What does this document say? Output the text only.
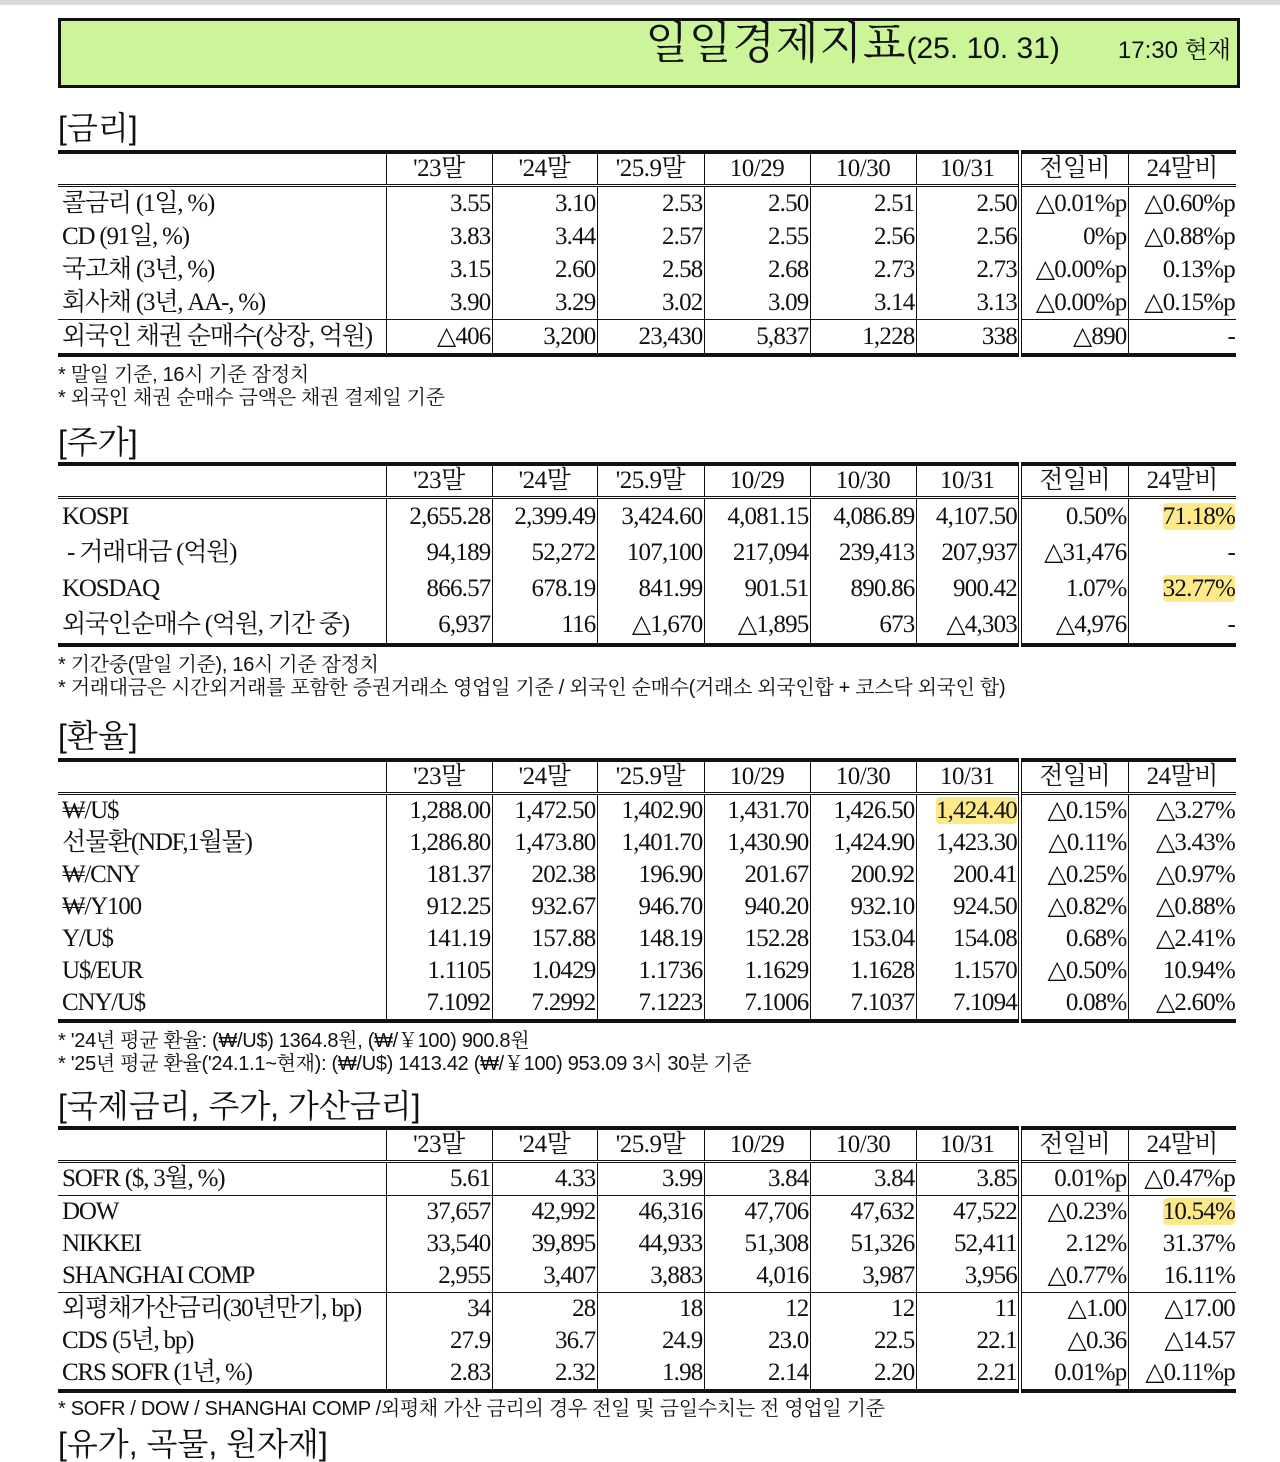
일일경제지표(25. 10. 31) 17:30 현재
[금리]
	'23말	'24말	'25.9말	10/29	10/30	10/31	전일비	24말비
콜금리 (1일, %)	3.55	3.10	2.53	2.50	2.51	2.50	△0.01%p	△0.60%p
CD (91일, %)	3.83	3.44	2.57	2.55	2.56	2.56	0%p	△0.88%p
국고채 (3년, %)	3.15	2.60	2.58	2.68	2.73	2.73	△0.00%p	0.13%p
회사채 (3년, AA-, %)	3.90	3.29	3.02	3.09	3.14	3.13	△0.00%p	△0.15%p
외국인 채권 순매수(상장, 억원)	△406	3,200	23,430	5,837	1,228	338	△890	-
* 말일 기준, 16시 기준 잠정치
* 외국인 채권 순매수 금액은 채권 결제일 기준
[주가]
	'23말	'24말	'25.9말	10/29	10/30	10/31	전일비	24말비
KOSPI	2,655.28	2,399.49	3,424.60	4,081.15	4,086.89	4,107.50	0.50%	71.18%
- 거래대금 (억원)	94,189	52,272	107,100	217,094	239,413	207,937	△31,476	-
KOSDAQ	866.57	678.19	841.99	901.51	890.86	900.42	1.07%	32.77%
외국인순매수 (억원, 기간 중)	6,937	116	△1,670	△1,895	673	△4,303	△4,976	-
* 기간중(말일 기준), 16시 기준 잠정치
* 거래대금은 시간외거래를 포함한 증권거래소 영업일 기준 / 외국인 순매수(거래소 외국인합 + 코스닥 외국인 합)
[환율]
	'23말	'24말	'25.9말	10/29	10/30	10/31	전일비	24말비
₩/U$	1,288.00	1,472.50	1,402.90	1,431.70	1,426.50	1,424.40	△0.15%	△3.27%
선물환(NDF,1월물)	1,286.80	1,473.80	1,401.70	1,430.90	1,424.90	1,423.30	△0.11%	△3.43%
₩/CNY	181.37	202.38	196.90	201.67	200.92	200.41	△0.25%	△0.97%
₩/Y100	912.25	932.67	946.70	940.20	932.10	924.50	△0.82%	△0.88%
Y/U$	141.19	157.88	148.19	152.28	153.04	154.08	0.68%	△2.41%
U$/EUR	1.1105	1.0429	1.1736	1.1629	1.1628	1.1570	△0.50%	10.94%
CNY/U$	7.1092	7.2992	7.1223	7.1006	7.1037	7.1094	0.08%	△2.60%
* '24년 평균 환율: (₩/U$) 1364.8원, (₩/￥100) 900.8원
* '25년 평균 환율('24.1.1~현재): (₩/U$) 1413.42 (₩/￥100) 953.09 3시 30분 기준
[국제금리, 주가, 가산금리]
	'23말	'24말	'25.9말	10/29	10/30	10/31	전일비	24말비
SOFR ($, 3월, %)	5.61	4.33	3.99	3.84	3.84	3.85	0.01%p	△0.47%p
DOW	37,657	42,992	46,316	47,706	47,632	47,522	△0.23%	10.54%
NIKKEI	33,540	39,895	44,933	51,308	51,326	52,411	2.12%	31.37%
SHANGHAI COMP	2,955	3,407	3,883	4,016	3,987	3,956	△0.77%	16.11%
외평채가산금리(30년만기, bp)	34	28	18	12	12	11	△1.00	△17.00
CDS (5년, bp)	27.9	36.7	24.9	23.0	22.5	22.1	△0.36	△14.57
CRS SOFR (1년, %)	2.83	2.32	1.98	2.14	2.20	2.21	0.01%p	△0.11%p
* SOFR / DOW / SHANGHAI COMP /외평채 가산 금리의 경우 전일 및 금일수치는 전 영업일 기준
[유가, 곡물, 원자재]
